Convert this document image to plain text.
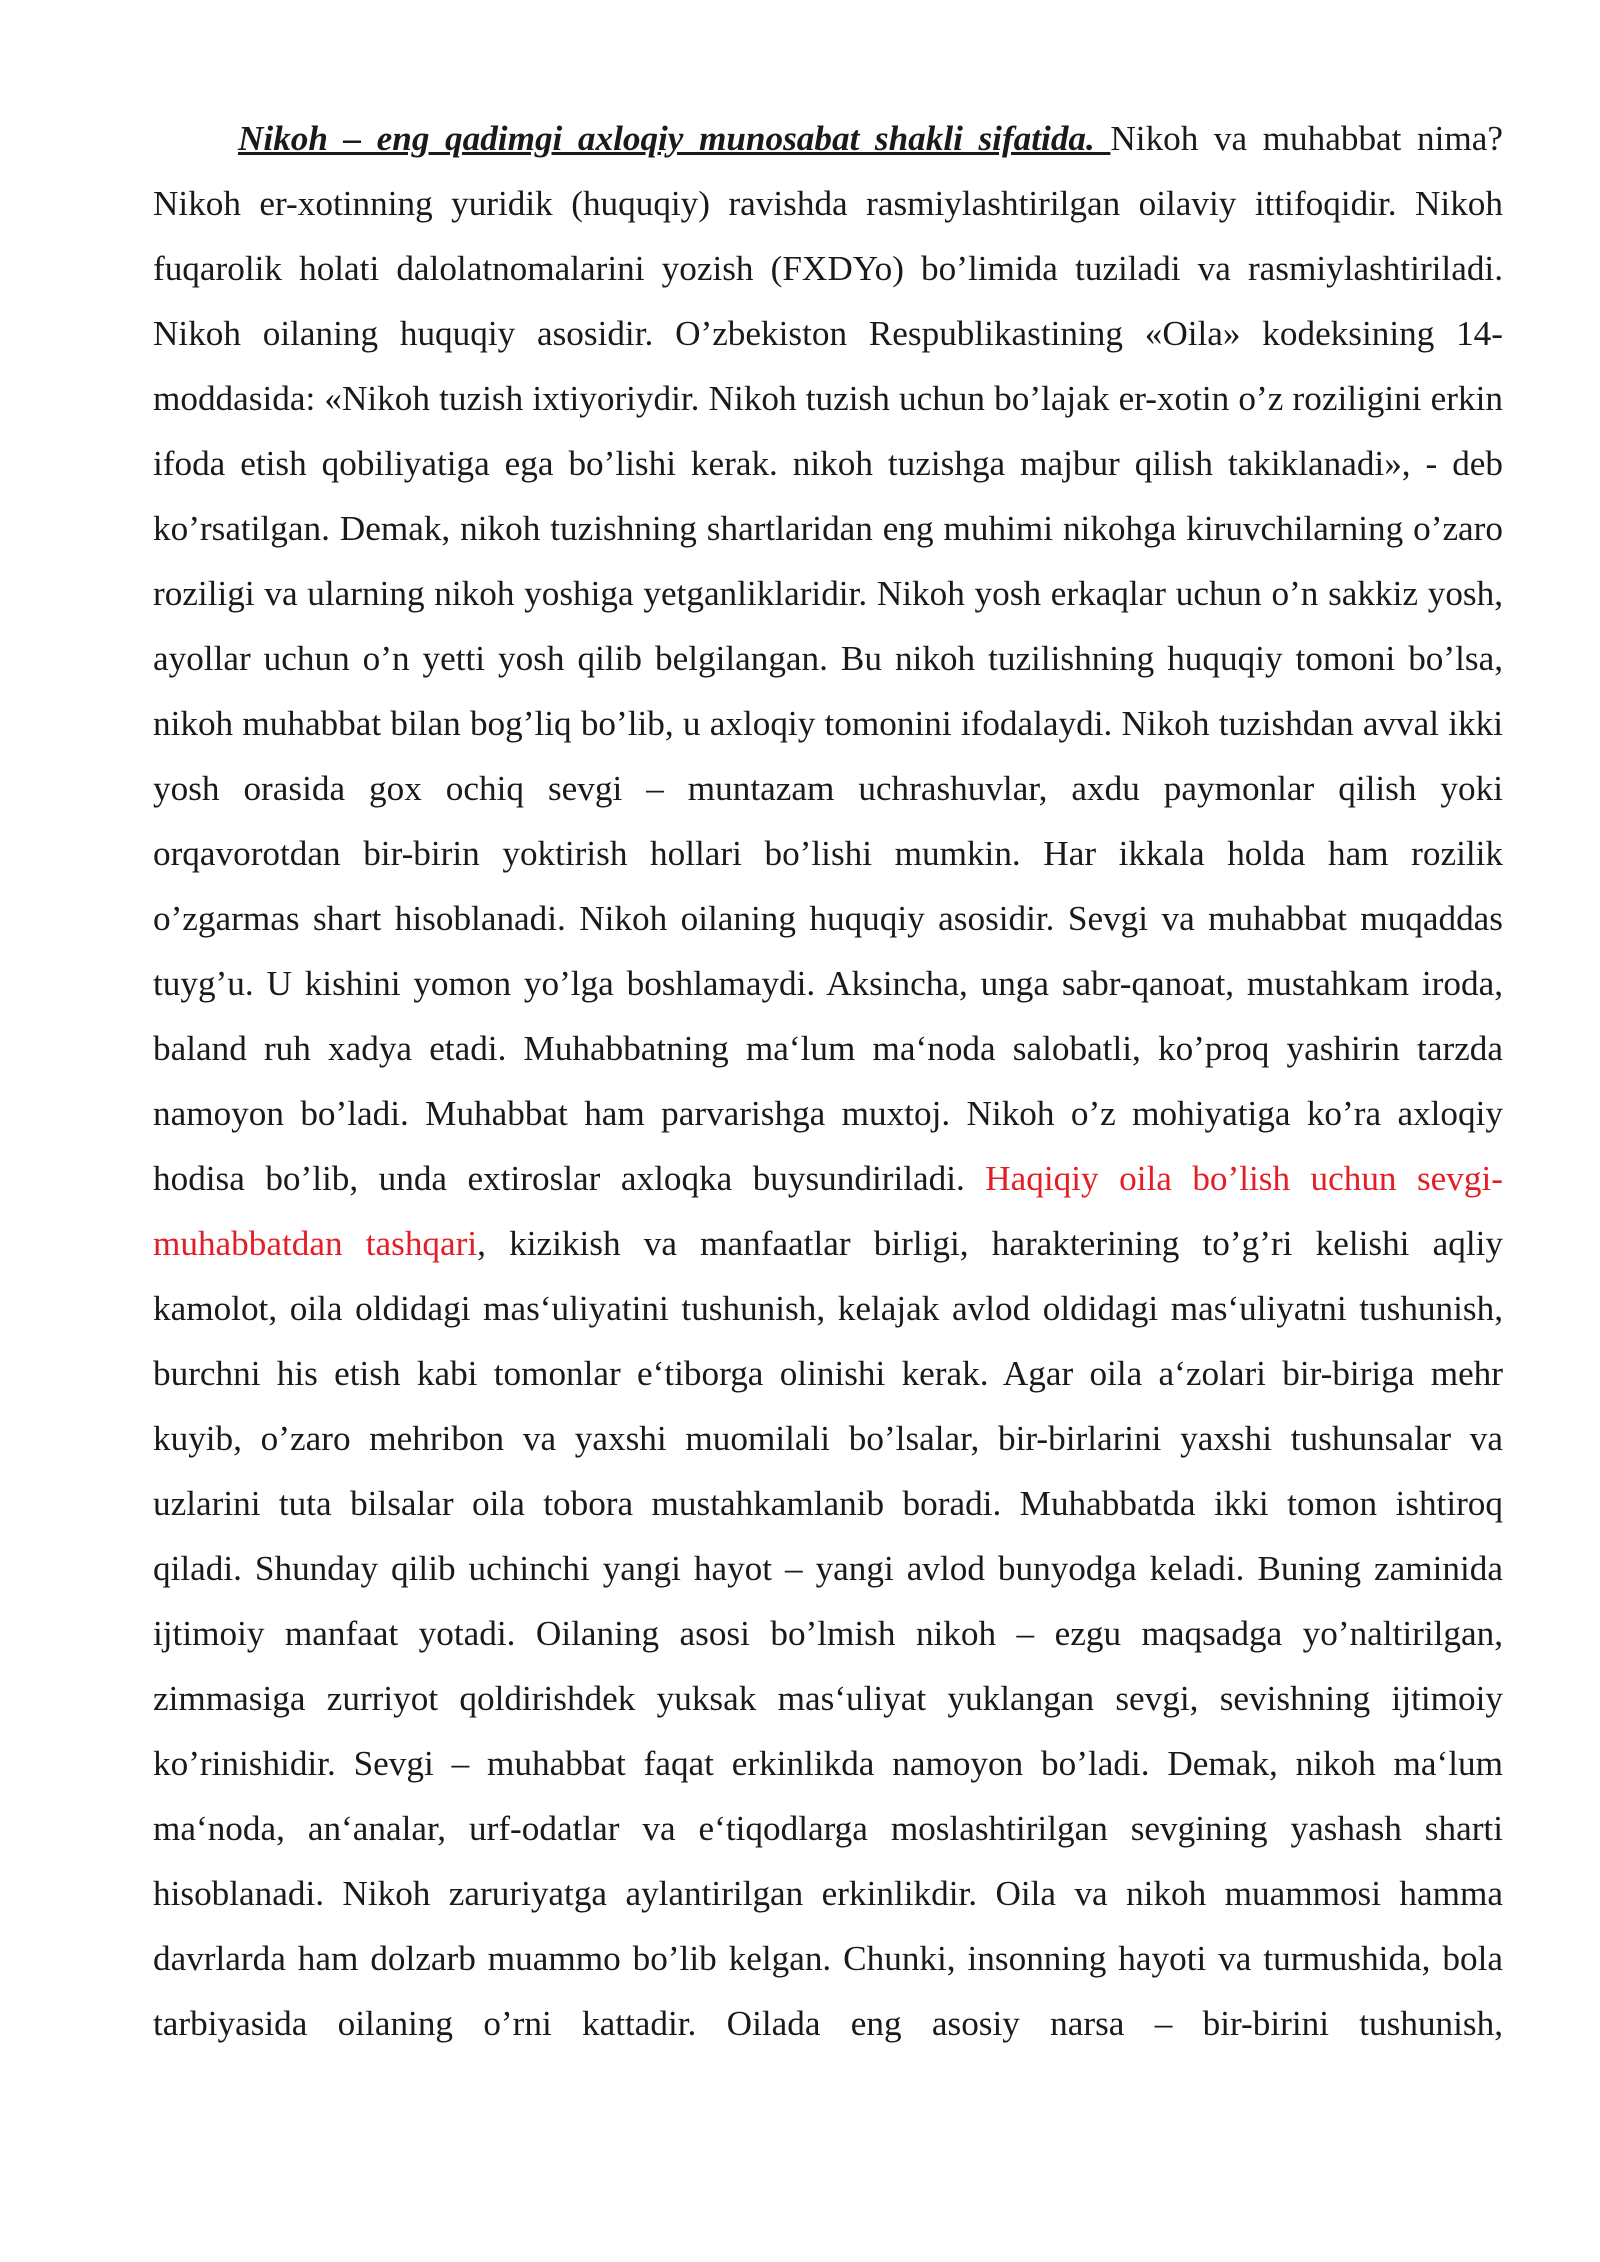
Nikoh – eng qadimgi axloqiy munosabat shakli sifatida. Nikoh va muhabbat nima? Nikoh er-xotinning yuridik (huquqiy) ravishda rasmiylashtirilgan oilaviy ittifoqidir. Nikoh fuqarolik holati dalolatnomalarini yozish (FXDYo) bo’limida tuziladi va rasmiylashtiriladi. Nikoh oilaning huquqiy asosidir. O’zbekiston Respublikastining «Oila» kodeksining 14-moddasida: «Nikoh tuzish ixtiyoriydir. Nikoh tuzish uchun bo’lajak er-xotin o’z roziligini erkin ifoda etish qobiliyatiga ega bo’lishi kerak. nikoh tuzishga majbur qilish takiklanadi», - deb ko’rsatilgan. Demak, nikoh tuzishning shartlaridan eng muhimi nikohga kiruvchilarning o’zaro roziligi va ularning nikoh yoshiga yetganliklaridir. Nikoh yosh erkaqlar uchun o’n sakkiz yosh, ayollar uchun o’n yetti yosh qilib belgilangan. Bu nikoh tuzilishning huquqiy tomoni bo’lsa, nikoh muhabbat bilan bog’liq bo’lib, u axloqiy tomonini ifodalaydi. Nikoh tuzishdan avval ikki yosh orasida gox ochiq sevgi – muntazam uchrashuvlar, axdu paymonlar qilish yoki orqavorotdan bir-birin yoktirish hollari bo’lishi mumkin. Har ikkala holda ham rozilik o’zgarmas shart hisoblanadi. Nikoh oilaning huquqiy asosidir. Sevgi va muhabbat muqaddas tuyg’u. U kishini yomon yo’lga boshlamaydi. Aksincha, unga sabr-qanoat, mustahkam iroda, baland ruh xadya etadi. Muhabbatning ma‘lum ma‘noda salobatli, ko’proq yashirin tarzda namoyon bo’ladi. Muhabbat ham parvarishga muxtoj. Nikoh o’z mohiyatiga ko’ra axloqiy hodisa bo’lib, unda extiroslar axloqka buysundiriladi. Haqiqiy oila bo’lish uchun sevgi-muhabbatdan tashqari, kizikish va manfaatlar birligi, harakterining to’g’ri kelishi aqliy kamolot, oila oldidagi mas‘uliyatini tushunish, kelajak avlod oldidagi mas‘uliyatni tushunish, burchni his etish kabi tomonlar e‘tiborga olinishi kerak. Agar oila a‘zolari bir-biriga mehr kuyib, o’zaro mehribon va yaxshi muomilali bo’lsalar, bir-birlarini yaxshi tushunsalar va uzlarini tuta bilsalar oila tobora mustahkamlanib boradi. Muhabbatda ikki tomon ishtiroq qiladi. Shunday qilib uchinchi yangi hayot – yangi avlod bunyodga keladi. Buning zaminida ijtimoiy manfaat yotadi. Oilaning asosi bo’lmish nikoh – ezgu maqsadga yo’naltirilgan, zimmasiga zurriyot qoldirishdek yuksak mas‘uliyat yuklangan sevgi, sevishning ijtimoiy ko’rinishidir. Sevgi – muhabbat faqat erkinlikda namoyon bo’ladi. Demak, nikoh ma‘lum ma‘noda, an‘analar, urf-odatlar va e‘tiqodlarga moslashtirilgan sevgining yashash sharti hisoblanadi. Nikoh zaruriyatga aylantirilgan erkinlikdir. Oila va nikoh muammosi hamma davrlarda ham dolzarb muammo bo’lib kelgan. Chunki, insonning hayoti va turmushida, bola tarbiyasida oilaning o’rni kattadir. Oilada eng asosiy narsa – bir-birini tushunish,
